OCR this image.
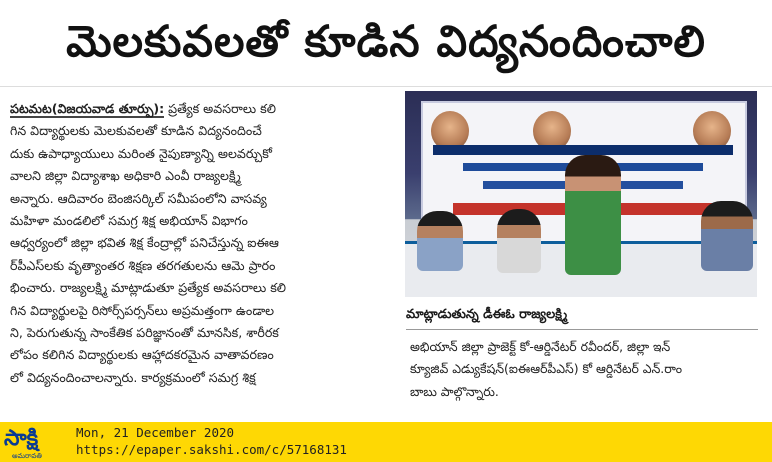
మెలకువలతో కూడిన విద్యనందించాలి

పటమట(విజయవాడ తూర్పు): ప్రత్యేక అవసరాలు కలి

గిన విద్యార్థులకు మెలకువలతో కూడిన విద్యనందించే

దుకు ఉపాధ్యాయులు మరింత నైపుణ్యాన్ని అలవర్చుకో

వాలని జిల్లా విద్యాశాఖ అధికారి ఎంవీ రాజ్యలక్ష్మి

అన్నారు. ఆదివారం బెంజిసర్కిల్ సమీపంలోని వాసవ్య

మహిళా మండలిలో సమగ్ర శిక్ష అభియాన్ విభాగం

ఆధ్వర్యంలో జిల్లా భవిత శిక్ష కేంద్రాల్లో పనిచేస్తున్న ఐఈఆ

ర్‌పీఎస్‌లకు వృత్యాంతర శిక్షణ తరగతులను ఆమె ప్రారం

భించారు. రాజ్యలక్ష్మి మాట్లాడుతూ ప్రత్యేక అవసరాలు కలి

గిన విద్యార్థులపై రిసోర్స్‌పర్సన్‌లు అప్రమత్తంగా ఉండాల

ని, పెరుగుతున్న సాంకేతిక పరిజ్ఞానంతో మానసిక, శారీరక

లోపం కలిగిన విద్యార్థులకు ఆహ్లాదకరమైన వాతావరణం

లో విద్యనందించాలన్నారు. కార్యక్రమంలో సమగ్ర శిక్ష

మాట్లాడుతున్న డీఈఓ రాజ్యలక్ష్మి

అభియాన్ జిల్లా ప్రాజెక్ట్ కో-ఆర్డినేటర్ రవీందర్, జిల్లా ఇన్

క్యూజివ్ ఎడ్యుకేషన్(ఐఈఆర్‌పీఎస్) కో ఆర్డినేటర్ ఎన్.రాం

బాబు పాల్గొన్నారు.

సాక్షి
అమరావతి
Mon, 21 December 2020
https://epaper.sakshi.com/c/57168131
